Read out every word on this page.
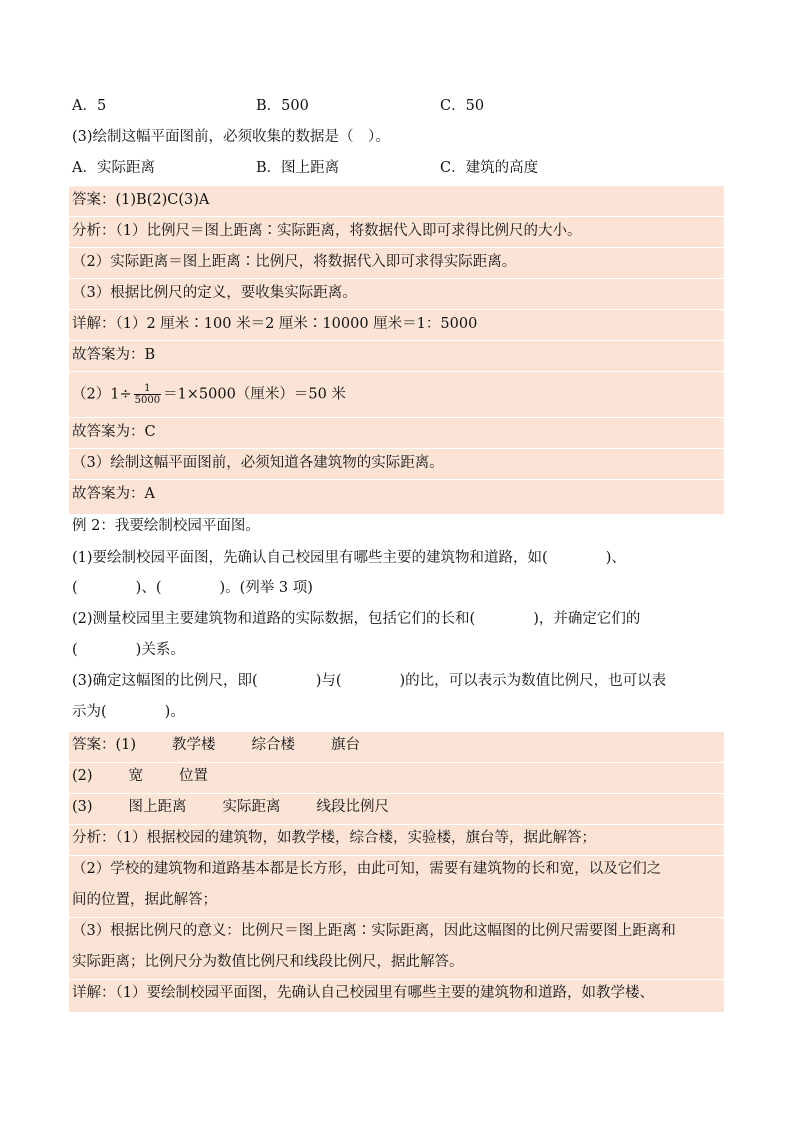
A．5	B．500	C．50
(3)绘制这幅平面图前，必须收集的数据是（　）。
A．实际距离	B．图上距离	C．建筑的高度
答案：(1)B(2)C(3)A
分析：（1）比例尺＝图上距离∶实际距离，将数据代入即可求得比例尺的大小。
（2）实际距离＝图上距离∶比例尺，将数据代入即可求得实际距离。
（3）根据比例尺的定义，要收集实际距离。
详解：（1）2 厘米∶100 米＝2 厘米∶10000 厘米＝1：5000
故答案为：B
$(2)1\div \frac{1}{5000} =1\times 5000$（厘米）＝50 米
故答案为：C
（3）绘制这幅平面图前，必须知道各建筑物的实际距离。
故答案为：A
例 2：我要绘制校园平面图。
(1)要绘制校园平面图，先确认自己校园里有哪些主要的建筑物和道路，如(　　　　)、
(　　　　)、(　　　　)。(列举 3 项)
(2)测量校园里主要建筑物和道路的实际数据，包括它们的长和(　　　　)，并确定它们的
(　　　　)关系。
(3)确定这幅图的比例尺，即(　　　　)与(　　　　)的比，可以表示为数值比例尺，也可以表
示为(　　　　)。
答案：(1) 教学楼 综合楼 旗台
(2) 宽 位置
(3) 图上距离 实际距离 线段比例尺
分析：（1）根据校园的建筑物，如教学楼，综合楼，实验楼，旗台等，据此解答；
（2）学校的建筑物和道路基本都是长方形，由此可知，需要有建筑物的长和宽，以及它们之
间的位置，据此解答；
（3）根据比例尺的意义：比例尺＝图上距离∶实际距离，因此这幅图的比例尺需要图上距离和
实际距离；比例尺分为数值比例尺和线段比例尺，据此解答。
详解：（1）要绘制校园平面图，先确认自己校园里有哪些主要的建筑物和道路，如教学楼、
